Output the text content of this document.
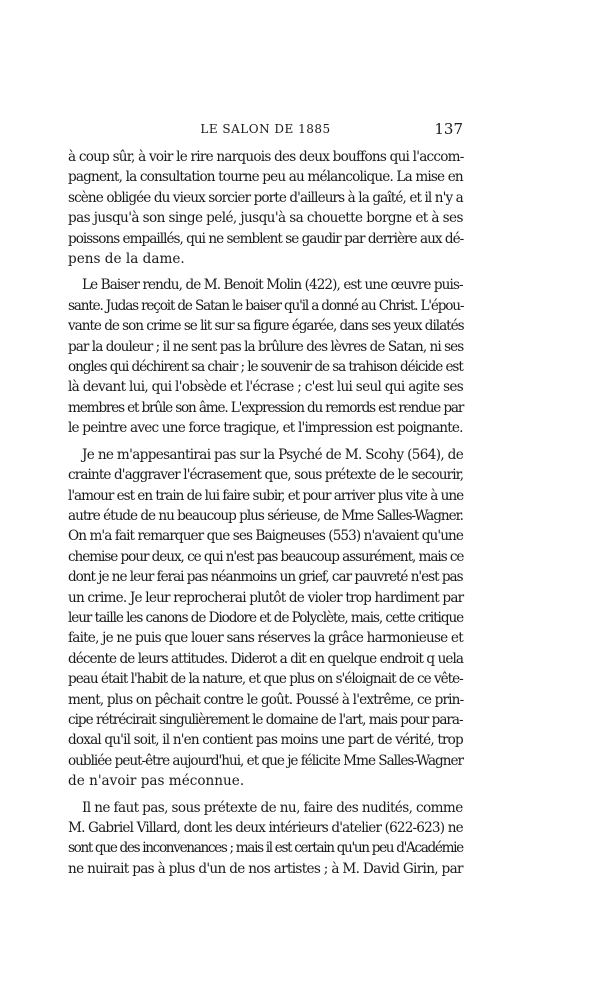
LE SALON DE 1885	137

à coup sûr, à voir le rire narquois des deux bouffons qui l'accom-
pagnent, la consultation tourne peu au mélancolique. La mise en
scène obligée du vieux sorcier porte d'ailleurs à la gaîté, et il n'y a
pas jusqu'à son singe pelé, jusqu'à sa chouette borgne et à ses
poissons empaillés, qui ne semblent se gaudir par derrière aux dé-
pens de la dame.

Le Baiser rendu, de M. Benoit Molin (422), est une œuvre puis-
sante. Judas reçoit de Satan le baiser qu'il a donné au Christ. L'épou-
vante de son crime se lit sur sa figure égarée, dans ses yeux dilatés
par la douleur ; il ne sent pas la brûlure des lèvres de Satan, ni ses
ongles qui déchirent sa chair ; le souvenir de sa trahison déicide est
là devant lui, qui l'obsède et l'écrase ; c'est lui seul qui agite ses
membres et brûle son âme. L'expression du remords est rendue par
le peintre avec une force tragique, et l'impression est poignante.

Je ne m'appesantirai pas sur la Psyché de M. Scohy (564), de
crainte d'aggraver l'écrasement que, sous prétexte de le secourir,
l'amour est en train de lui faire subir, et pour arriver plus vite à une
autre étude de nu beaucoup plus sérieuse, de Mme Salles-Wagner.
On m'a fait remarquer que ses Baigneuses (553) n'avaient qu'une
chemise pour deux, ce qui n'est pas beaucoup assurément, mais ce
dont je ne leur ferai pas néanmoins un grief, car pauvreté n'est pas
un crime. Je leur reprocherai plutôt de violer trop hardiment par
leur taille les canons de Diodore et de Polyclète, mais, cette critique
faite, je ne puis que louer sans réserves la grâce harmonieuse et
décente de leurs attitudes. Diderot a dit en quelque endroit q uela
peau était l'habit de la nature, et que plus on s'éloignait de ce vête-
ment, plus on pêchait contre le goût. Poussé à l'extrême, ce prin-
cipe rétrécirait singulièrement le domaine de l'art, mais pour para-
doxal qu'il soit, il n'en contient pas moins une part de vérité, trop
oubliée peut-être aujourd'hui, et que je félicite Mme Salles-Wagner
de n'avoir pas méconnue.

Il ne faut pas, sous prétexte de nu, faire des nudités, comme
M. Gabriel Villard, dont les deux intérieurs d'atelier (622-623) ne
sont que des inconvenances ; mais il est certain qu'un peu d'Académie
ne nuirait pas à plus d'un de nos artistes ; à M. David Girin, par
